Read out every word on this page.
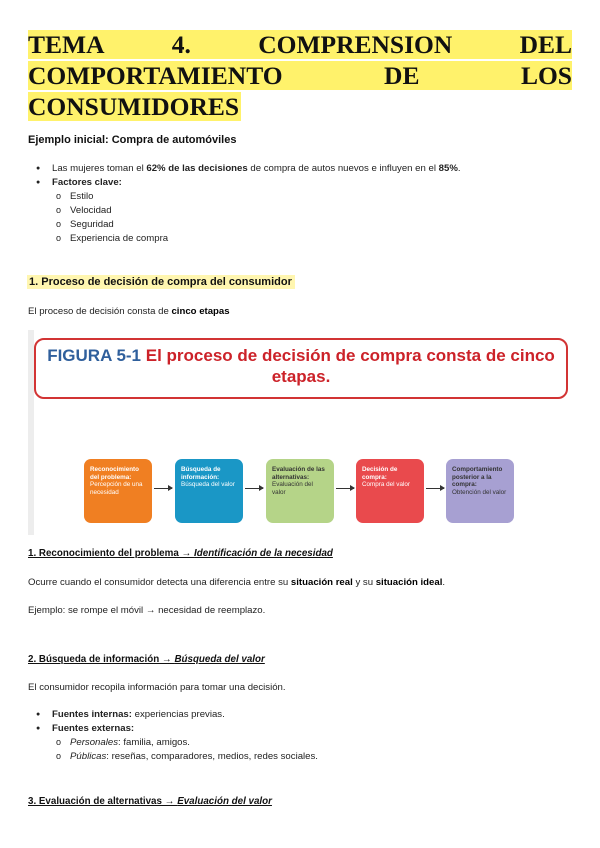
TEMA	4.	COMPRENSION	DEL
COMPORTAMIENTO	DE	LOS
CONSUMIDORES
Ejemplo inicial: Compra de automóviles
● Las mujeres toman el 62% de las decisiones de compra de autos nuevos e influyen en el 85%.
● Factores clave:
o Estilo
o Velocidad
o Seguridad
o Experiencia de compra
1. Proceso de decisión de compra del consumidor
El proceso de decisión consta de cinco etapas
FIGURA 5-1 El proceso de decisión de compra consta de cinco etapas.
Reconocimiento del problema:
Percepción de una necesidad
Búsqueda de información:
Búsqueda del valor
Evaluación de las alternativas:
Evaluación del valor
Decisión de compra:
Compra del valor
Comportamiento posterior a la compra:
Obtención del valor
1. Reconocimiento del problema → Identificación de la necesidad
Ocurre cuando el consumidor detecta una diferencia entre su situación real y su situación ideal.
Ejemplo: se rompe el móvil → necesidad de reemplazo.
2. Búsqueda de información → Búsqueda del valor
El consumidor recopila información para tomar una decisión.
● Fuentes internas: experiencias previas.
● Fuentes externas:
o Personales: familia, amigos.
o Públicas: reseñas, comparadores, medios, redes sociales.
3. Evaluación de alternativas → Evaluación del valor
